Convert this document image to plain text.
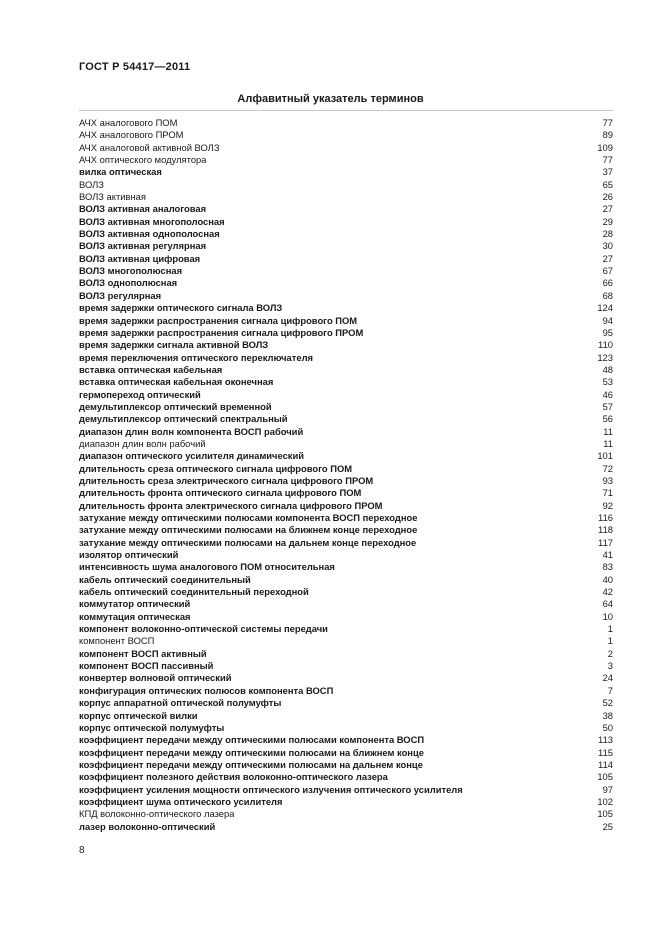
ГОСТ Р 54417—2011
Алфавитный указатель терминов
АЧХ аналогового ПОМ	77
АЧХ аналогового ПРОМ	89
АЧХ аналоговой активной ВОЛЗ	109
АЧХ оптического модулятора	77
вилка оптическая	37
ВОЛЗ	65
ВОЛЗ активная	26
ВОЛЗ активная аналоговая	27
ВОЛЗ активная многополосная	29
ВОЛЗ активная однополосная	28
ВОЛЗ активная регулярная	30
ВОЛЗ активная цифровая	27
ВОЛЗ многополюсная	67
ВОЛЗ однополюсная	66
ВОЛЗ регулярная	68
время задержки оптического сигнала ВОЛЗ	124
время задержки распространения сигнала цифрового ПОМ	94
время задержки распространения сигнала цифрового ПРОМ	95
время задержки сигнала активной ВОЛЗ	110
время переключения оптического переключателя	123
вставка оптическая кабельная	48
вставка оптическая кабельная оконечная	53
гермопереход оптический	46
демультиплексор оптический временной	57
демультиплексор оптический спектральный	56
диапазон длин волн компонента ВОСП рабочий	11
диапазон длин волн рабочий	11
диапазон оптического усилителя динамический	101
длительность среза оптического сигнала цифрового ПОМ	72
длительность среза электрического сигнала цифрового ПРОМ	93
длительность фронта оптического сигнала цифрового ПОМ	71
длительность фронта электрического сигнала цифрового ПРОМ	92
затухание между оптическими полюсами компонента ВОСП переходное	116
затухание между оптическими полюсами на ближнем конце переходное	118
затухание между оптическими полюсами на дальнем конце переходное	117
изолятор оптический	41
интенсивность шума аналогового ПОМ относительная	83
кабель оптический соединительный	40
кабель оптический соединительный переходной	42
коммутатор оптический	64
коммутация оптическая	10
компонент волоконно-оптической системы передачи	1
компонент ВОСП	1
компонент ВОСП активный	2
компонент ВОСП пассивный	3
конвертер волновой оптический	24
конфигурация оптических полюсов компонента ВОСП	7
корпус аппаратной оптической полумуфты	52
корпус оптической вилки	38
корпус оптической полумуфты	50
коэффициент передачи между оптическими полюсами компонента ВОСП	113
коэффициент передачи между оптическими полюсами на ближнем конце	115
коэффициент передачи между оптическими полюсами на дальнем конце	114
коэффициент полезного действия волоконно-оптического лазера	105
коэффициент усиления мощности оптического излучения оптического усилителя	97
коэффициент шума оптического усилителя	102
КПД волоконно-оптического лазера	105
лазер волоконно-оптический	25
8
